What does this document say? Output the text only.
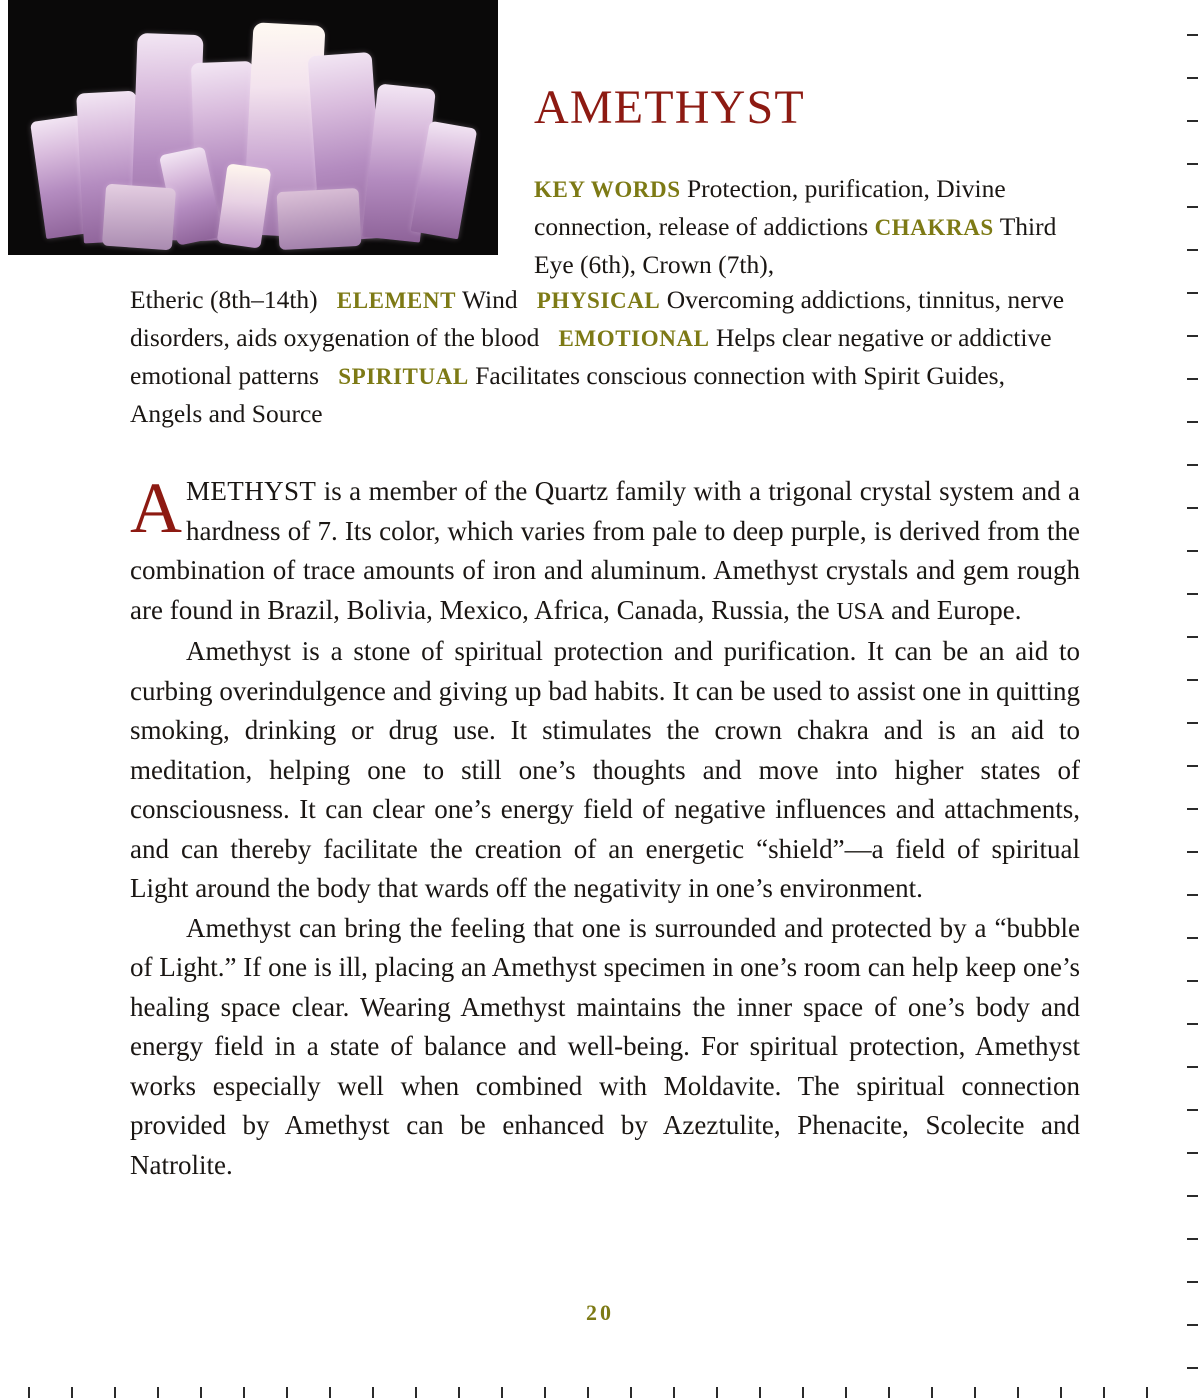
AMETHYST
KEY WORDS Protection, purification, Divine connection, release of addictions CHAKRAS Third Eye (6th), Crown (7th),
Etheric (8th–14th) ELEMENT Wind PHYSICAL Overcoming addictions, tinnitus, nerve disorders, aids oxygenation of the blood EMOTIONAL Helps clear negative or addictive emotional patterns SPIRITUAL Facilitates conscious connection with Spirit Guides, Angels and Source

AMETHYST is a member of the Quartz family with a trigonal crystal system and a hardness of 7. Its color, which varies from pale to deep purple, is derived from the combination of trace amounts of iron and aluminum. Amethyst crystals and gem rough are found in Brazil, Bolivia, Mexico, Africa, Canada, Russia, the USA and Europe.

Amethyst is a stone of spiritual protection and purification. It can be an aid to curbing overindulgence and giving up bad habits. It can be used to assist one in quitting smoking, drinking or drug use. It stimulates the crown chakra and is an aid to meditation, helping one to still one’s thoughts and move into higher states of consciousness. It can clear one’s energy field of negative influences and attachments, and can thereby facilitate the creation of an energetic “shield”—a field of spiritual Light around the body that wards off the negativity in one’s environment.

Amethyst can bring the feeling that one is surrounded and protected by a “bubble of Light.” If one is ill, placing an Amethyst specimen in one’s room can help keep one’s healing space clear. Wearing Amethyst maintains the inner space of one’s body and energy field in a state of balance and well-being. For spiritual protection, Amethyst works especially well when combined with Moldavite. The spiritual connection provided by Amethyst can be enhanced by Azeztulite, Phenacite, Scolecite and Natrolite.

20
